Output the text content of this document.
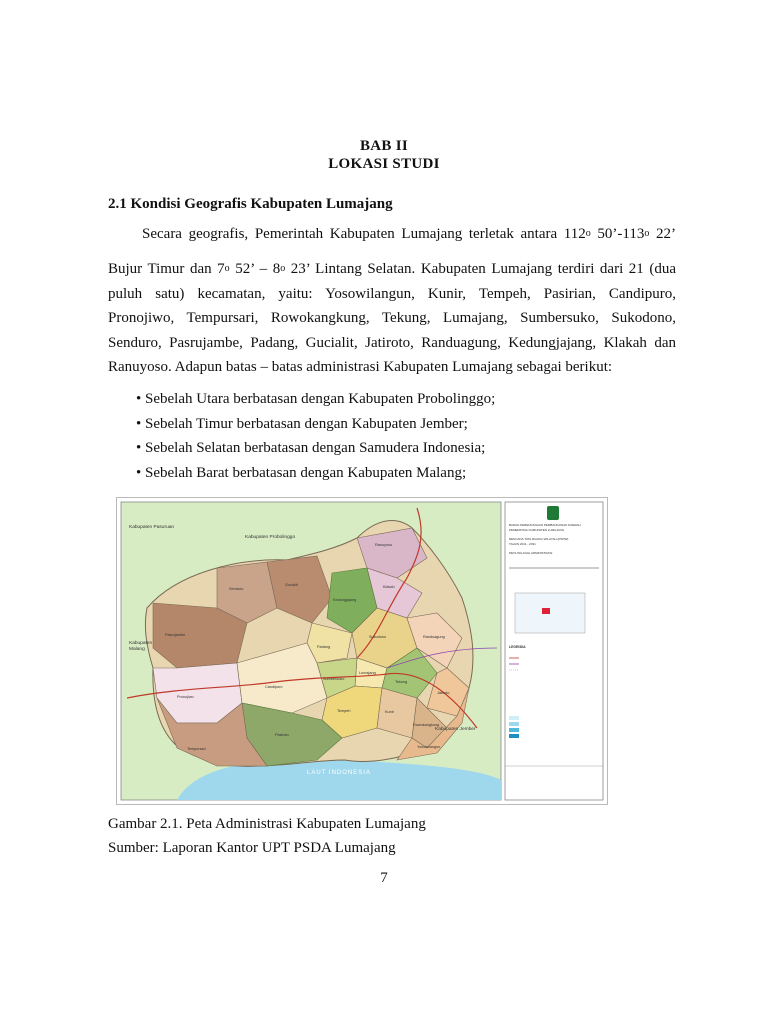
BAB II
LOKASI STUDI
2.1 Kondisi Geografis Kabupaten Lumajang
Secara geografis, Pemerintah Kabupaten Lumajang terletak antara 112$^o$ 50’-113$^o$ 22’
Bujur Timur dan 7$^o$ 52’ – 8$^o$ 23’ Lintang Selatan. Kabupaten Lumajang terdiri dari 21 (dua
puluh satu) kecamatan, yaitu: Yosowilangun, Kunir, Tempeh, Pasirian, Candipuro,
Pronojiwo, Tempursari, Rowokangkung, Tekung, Lumajang, Sumbersuko, Sukodono,
Senduro, Pasrujambe, Padang, Gucialit, Jatiroto, Randuagung, Kedungjajang, Klakah dan
Ranuyoso. Adapun batas – batas administrasi Kabupaten Lumajang sebagai berikut:
• Sebelah Utara berbatasan dengan Kabupaten Probolinggo;
• Sebelah Timur berbatasan dengan Kabupaten Jember;
• Sebelah Selatan berbatasan dengan Samudera Indonesia;
• Sebelah Barat berbatasan dengan Kabupaten Malang;
Kabupaten Pasuruan
Kabupaten Probolinggo
Kabupaten
Malang
Kabupaten Jember
LAUT INDONESIA
Senduro
Gucialit	Klakah
Ranuyoso
Kedungjajang
Pasrujambe
Padang
Sukodono
Lumajang
Sumbersuko
Tekung
Randuagung
Jatiroto
Pronojiwo
Candipuro
Tempeh	Kunir
Rowokangkung
Yosowilangun
Pasirian
Tempursari
BADAN PERENCANAAN PEMBANGUNAN DAERAH
PEMERINTAH KABUPATEN LUMAJANG
RENCANA TATA RUANG WILAYAH (RTRW)
TAHUN 2011 - 2031
PETA WILAYAH ADMINISTRASI
LEGENDA
Gambar 2.1. Peta Administrasi Kabupaten Lumajang
Sumber: Laporan Kantor UPT PSDA Lumajang
7
